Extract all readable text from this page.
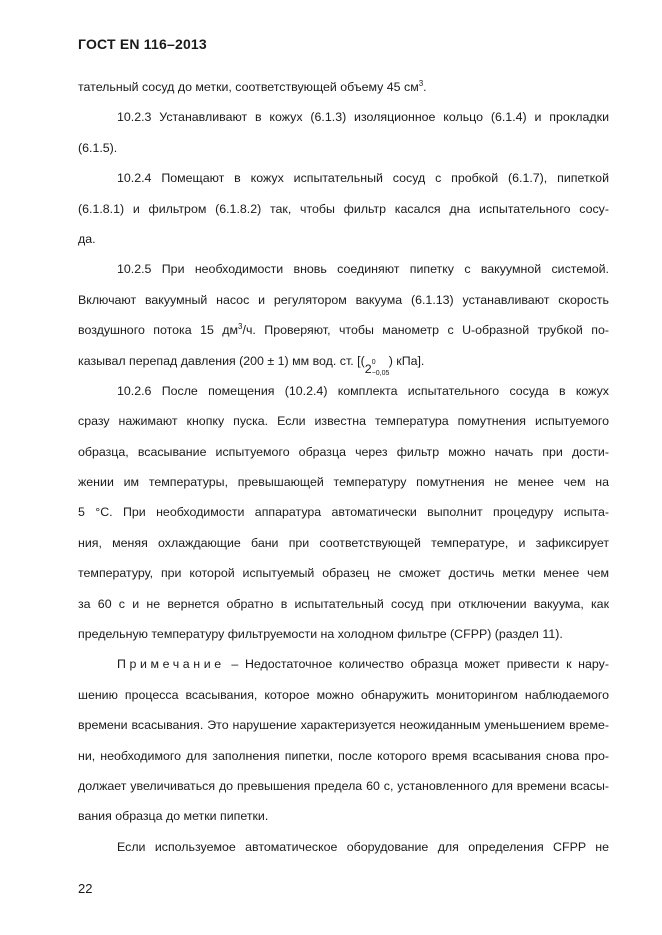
ГОСТ EN 116–2013
тательный сосуд до метки, соответствующей объему 45 $см^3$.
10.2.3 Устанавливают в кожух (6.1.3) изоляционное кольцо (6.1.4) и прокладки
(6.1.5).
10.2.4 Помещают в кожух испытательный сосуд с пробкой (6.1.7), пипеткой
(6.1.8.1) и фильтром (6.1.8.2) так, чтобы фильтр касался дна испытательного сосу-
да.
10.2.5 При необходимости вновь соединяют пипетку с вакуумной системой.
Включают вакуумный насос и регулятором вакуума (6.1.13) устанавливают скорость
воздушного потока 15 $дм^3/ч$. Проверяют, чтобы манометр с U-образной трубкой по-
казывал перепад давления (200 ± 1) мм вод. ст. [(
2 0
−0,05
) кПа].
10.2.6 После помещения (10.2.4) комплекта испытательного сосуда в кожух
сразу нажимают кнопку пуска. Если известна температура помутнения испытуемого
образца, всасывание испытуемого образца через фильтр можно начать при дости-
жении им температуры, превышающей температуру помутнения не менее чем на
5 °С. При необходимости аппаратура автоматически выполнит процедуру испыта-
ния, меняя охлаждающие бани при соответствующей температуре, и зафиксирует
температуру, при которой испытуемый образец не сможет достичь метки менее чем
за 60 с и не вернется обратно в испытательный сосуд при отключении вакуума, как
предельную температуру фильтруемости на холодном фильтре (CFPP) (раздел 11).
Примечание – Недостаточное количество образца может привести к нару-
шению процесса всасывания, которое можно обнаружить мониторингом наблюдаемого
времени всасывания. Это нарушение характеризуется неожиданным уменьшением време-
ни, необходимого для заполнения пипетки, после которого время всасывания снова про-
должает увеличиваться до превышения предела 60 с, установленного для времени всасы-
вания образца до метки пипетки.
Если используемое автоматическое оборудование для определения CFPP не
22
